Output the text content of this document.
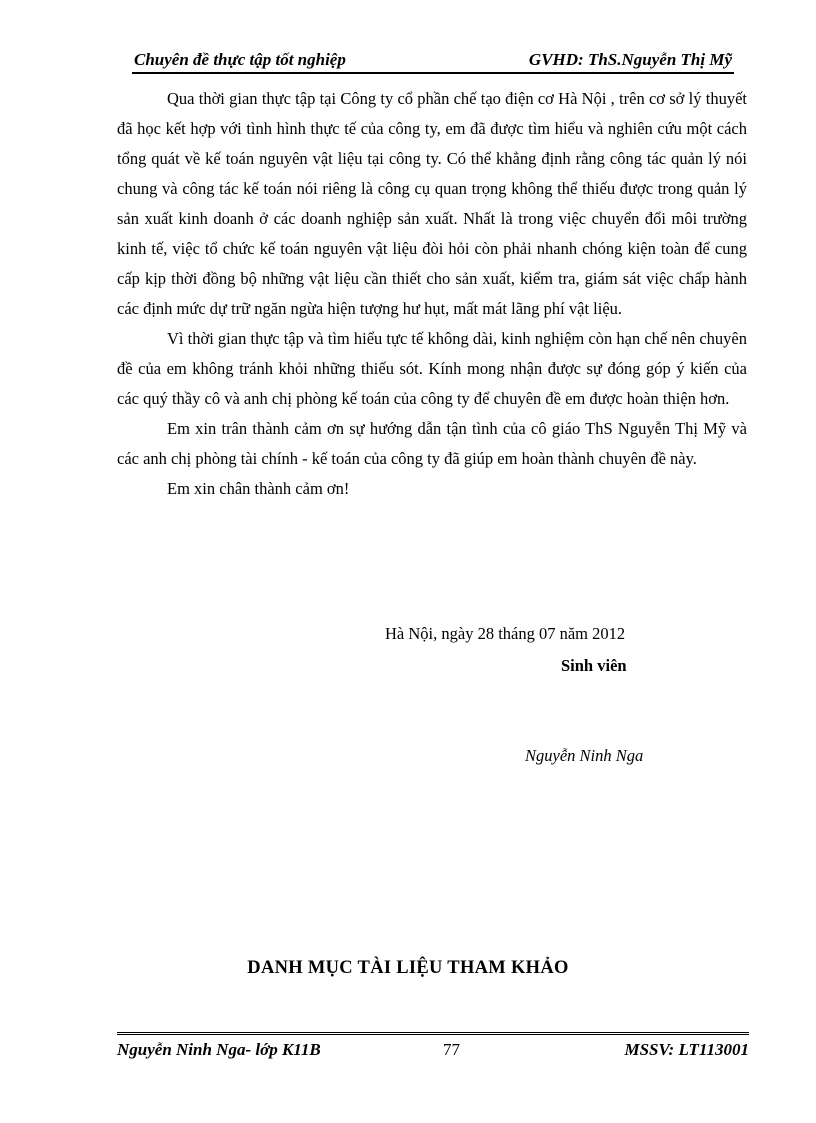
Chuyên đề thực tập tốt nghiệp	GVHD: ThS.Nguyễn Thị Mỹ

Qua thời gian thực tập tại Công ty cổ phần chế tạo điện cơ Hà Nội , trên cơ sở lý thuyết đã học kết hợp với tình hình thực tế của công ty, em đã được tìm hiểu và nghiên cứu một cách tổng quát về kế toán nguyên vật liệu tại công ty. Có thể khẳng định rằng công tác quản lý nói chung và công tác kế toán nói riêng là công cụ quan trọng không thể thiếu được trong quản lý sản xuất kinh doanh ở các doanh nghiệp sản xuất. Nhất là trong việc chuyển đổi môi trường kinh tế, việc tổ chức kế toán nguyên vật liệu đòi hỏi còn phải nhanh chóng kiện toàn để cung cấp kịp thời đồng bộ những vật liệu cần thiết cho sản xuất, kiểm tra, giám sát việc chấp hành các định mức dự trữ ngăn ngừa hiện tượng hư hụt, mất mát lãng phí vật liệu.

Vì thời gian thực tập và tìm hiểu tực tế không dài, kinh nghiệm còn hạn chế nên chuyên đề của em không tránh khỏi những thiếu sót. Kính mong nhận được sự đóng góp ý kiến của các quý thầy cô và anh chị phòng kế toán của công ty để chuyên đề em được hoàn thiện hơn.

Em xin trân thành cảm ơn sự hướng dẫn tận tình của cô giáo ThS Nguyễn Thị Mỹ và các anh chị phòng tài chính - kế toán của công ty đã giúp em hoàn thành chuyên đề này.

Em xin chân thành cảm ơn!

Hà Nội, ngày 28 tháng 07 năm 2012
Sinh viên
Nguyễn Ninh Nga
DANH MỤC TÀI LIỆU THAM KHẢO
Nguyễn Ninh Nga- lớp K11B	77	MSSV: LT113001
